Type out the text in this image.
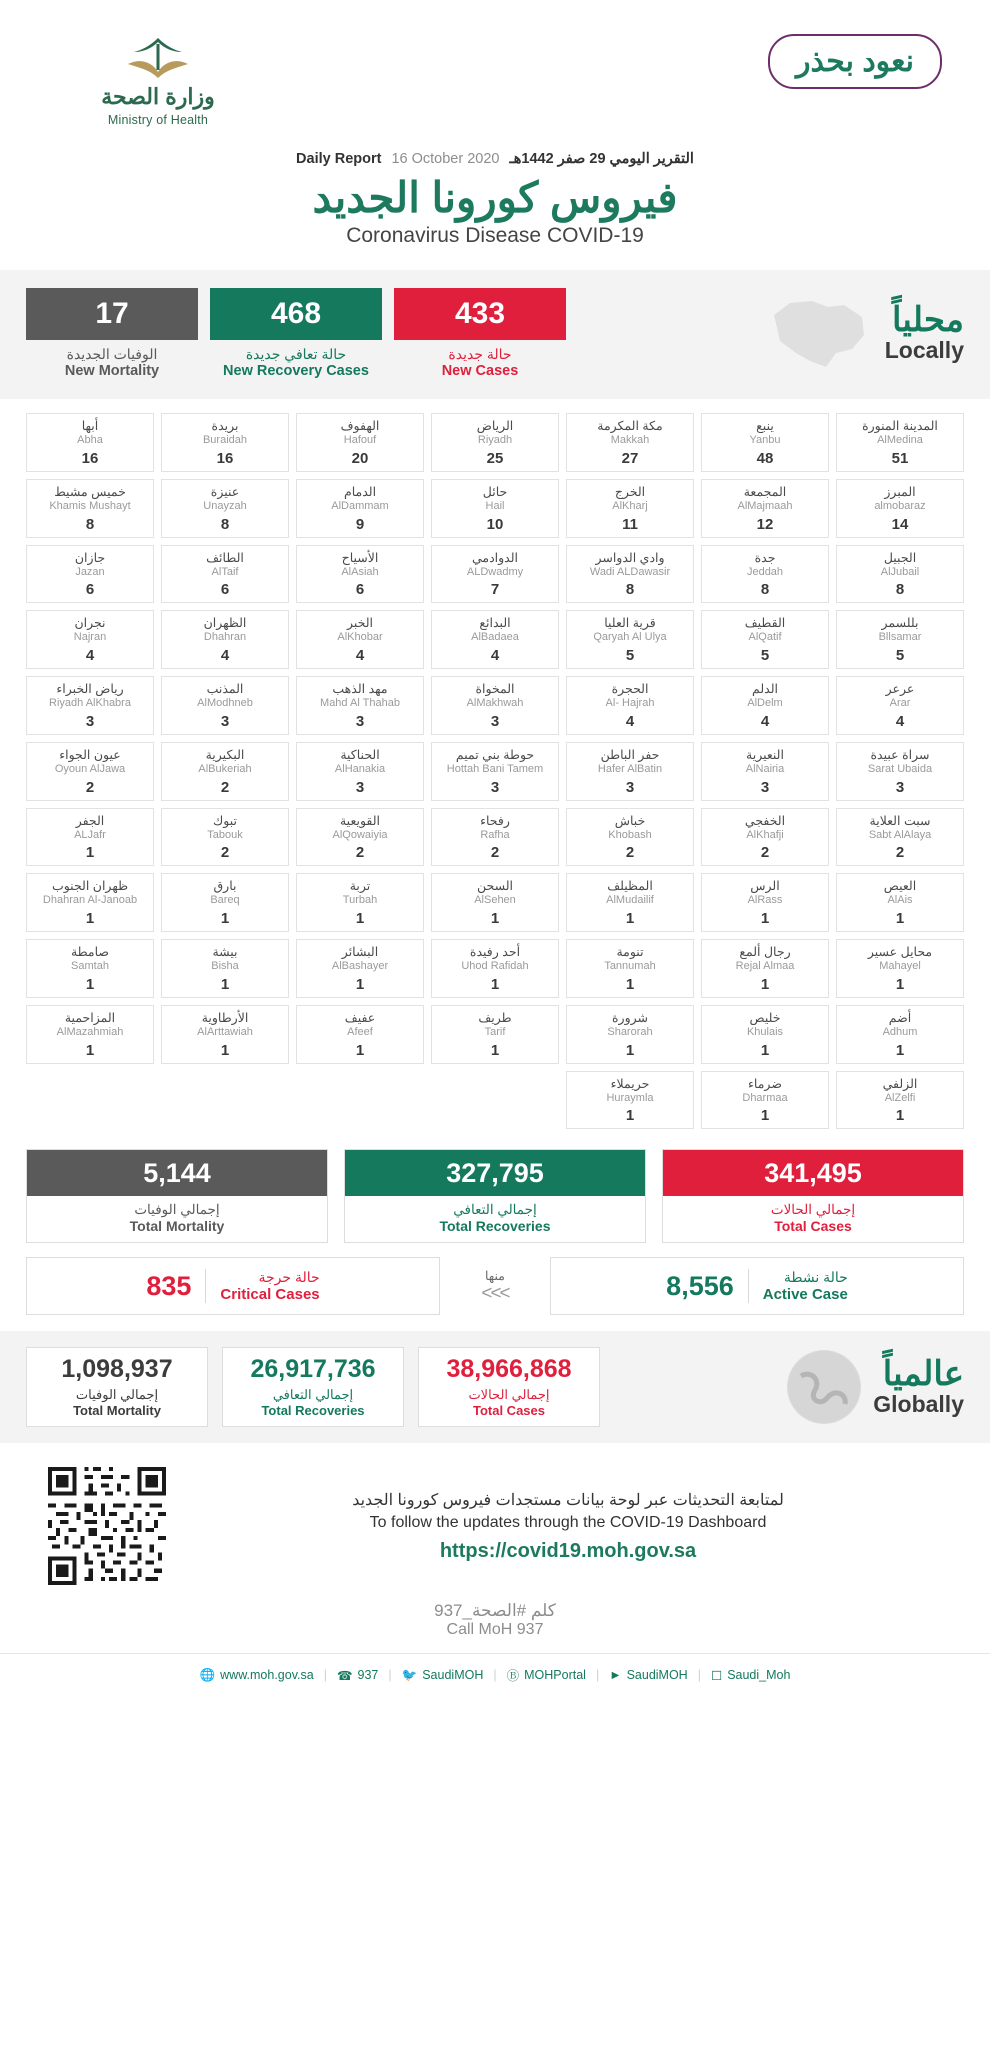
وزارة الصحة
Ministry of Health
نعود بحذر
Daily Report 16 October 2020 التقرير اليومي 29 صفر 1442هـ
فيروس كورونا الجديد
Coronavirus Disease COVID-19
17
الوفيات الجديدة
New Mortality
468
حالة تعافي جديدة
New Recovery Cases
433
حالة جديدة
New Cases
محلياً
Locally
المدينة المنورة
AlMedina
51
المبرز
almobaraz
14
الجبيل
AlJubail
8
بللسمر
Bllsamar
5
عرعر
Arar
4
سراة عبيدة
Sarat Ubaida
3
سبت العلاية
Sabt AlAlaya
2
العيص
AlAis
1
محايل عسير
Mahayel
1
أضم
Adhum
1
الزلفي
AlZelfi
1
ينبع
Yanbu
48
المجمعة
AlMajmaah
12
جدة
Jeddah
8
القطيف
AlQatif
5
الدلم
AlDelm
4
النعيرية
AlNairia
3
الخفجي
AlKhafji
2
الرس
AlRass
1
رجال ألمع
Rejal Almaa
1
خليص
Khulais
1
ضرماء
Dharmaa
1
مكة المكرمة
Makkah
27
الخرج
AlKharj
11
وادي الدواسر
Wadi ALDawasir
8
قرية العليا
Qaryah Al Ulya
5
الحجرة
Al- Hajrah
4
حفر الباطن
Hafer AlBatin
3
خباش
Khobash
2
المظيلف
AlMudailif
1
تنومة
Tannumah
1
شرورة
Sharorah
1
حريملاء
Huraymla
1
الرياض
Riyadh
25
حائل
Hail
10
الدوادمي
ALDwadmy
7
البدائع
AlBadaea
4
المخواة
AlMakhwah
3
حوطة بني تميم
Hottah Bani Tamem
3
رفحاء
Rafha
2
السحن
AlSehen
1
أحد رفيدة
Uhod Rafidah
1
طريف
Tarif
1
الهفوف
Hafouf
20
الدمام
AlDammam
9
الأسياح
AlAsiah
6
الخبر
AlKhobar
4
مهد الذهب
Mahd Al Thahab
3
الحناكية
AlHanakia
3
القويعية
AlQowaiyia
2
تربة
Turbah
1
البشائر
AlBashayer
1
عفيف
Afeef
1
بريدة
Buraidah
16
عنيزة
Unayzah
8
الطائف
AlTaif
6
الظهران
Dhahran
4
المذنب
AlModhneb
3
البكيرية
AlBukeriah
2
تبوك
Tabouk
2
بارق
Bareq
1
بيشة
Bisha
1
الأرطاوية
AlArttawiah
1
أبها
Abha
16
خميس مشيط
Khamis Mushayt
8
جازان
Jazan
6
نجران
Najran
4
رياض الخبراء
Riyadh AlKhabra
3
عيون الجواء
Oyoun AlJawa
2
الجفر
ALJafr
1
ظهران الجنوب
Dhahran Al-Janoab
1
صامطة
Samtah
1
المزاحمية
AlMazahmiah
1
5,144
إجمالي الوفيات
Total Mortality
327,795
إجمالي التعافي
Total Recoveries
341,495
إجمالي الحالات
Total Cases
835	حالة حرجة
Critical Cases
منها
<<<	8,556	حالة نشطة
Active Case
1,098,937
إجمالي الوفيات
Total Mortality
26,917,736
إجمالي التعافي
Total Recoveries
38,966,868
إجمالي الحالات
Total Cases
عالمياً
Globally
لمتابعة التحديثات عبر لوحة بيانات مستجدات فيروس كورونا الجديد
To follow the updates through the COVID-19 Dashboard
https://covid19.moh.gov.sa
كلم #الصحة_937
Call MoH 937
🌐 www.moh.gov.sa | ☎ 937 | 🐦 SaudiMOH | Ⓑ MOHPortal | ► SaudiMOH | ☐ Saudi_Moh
